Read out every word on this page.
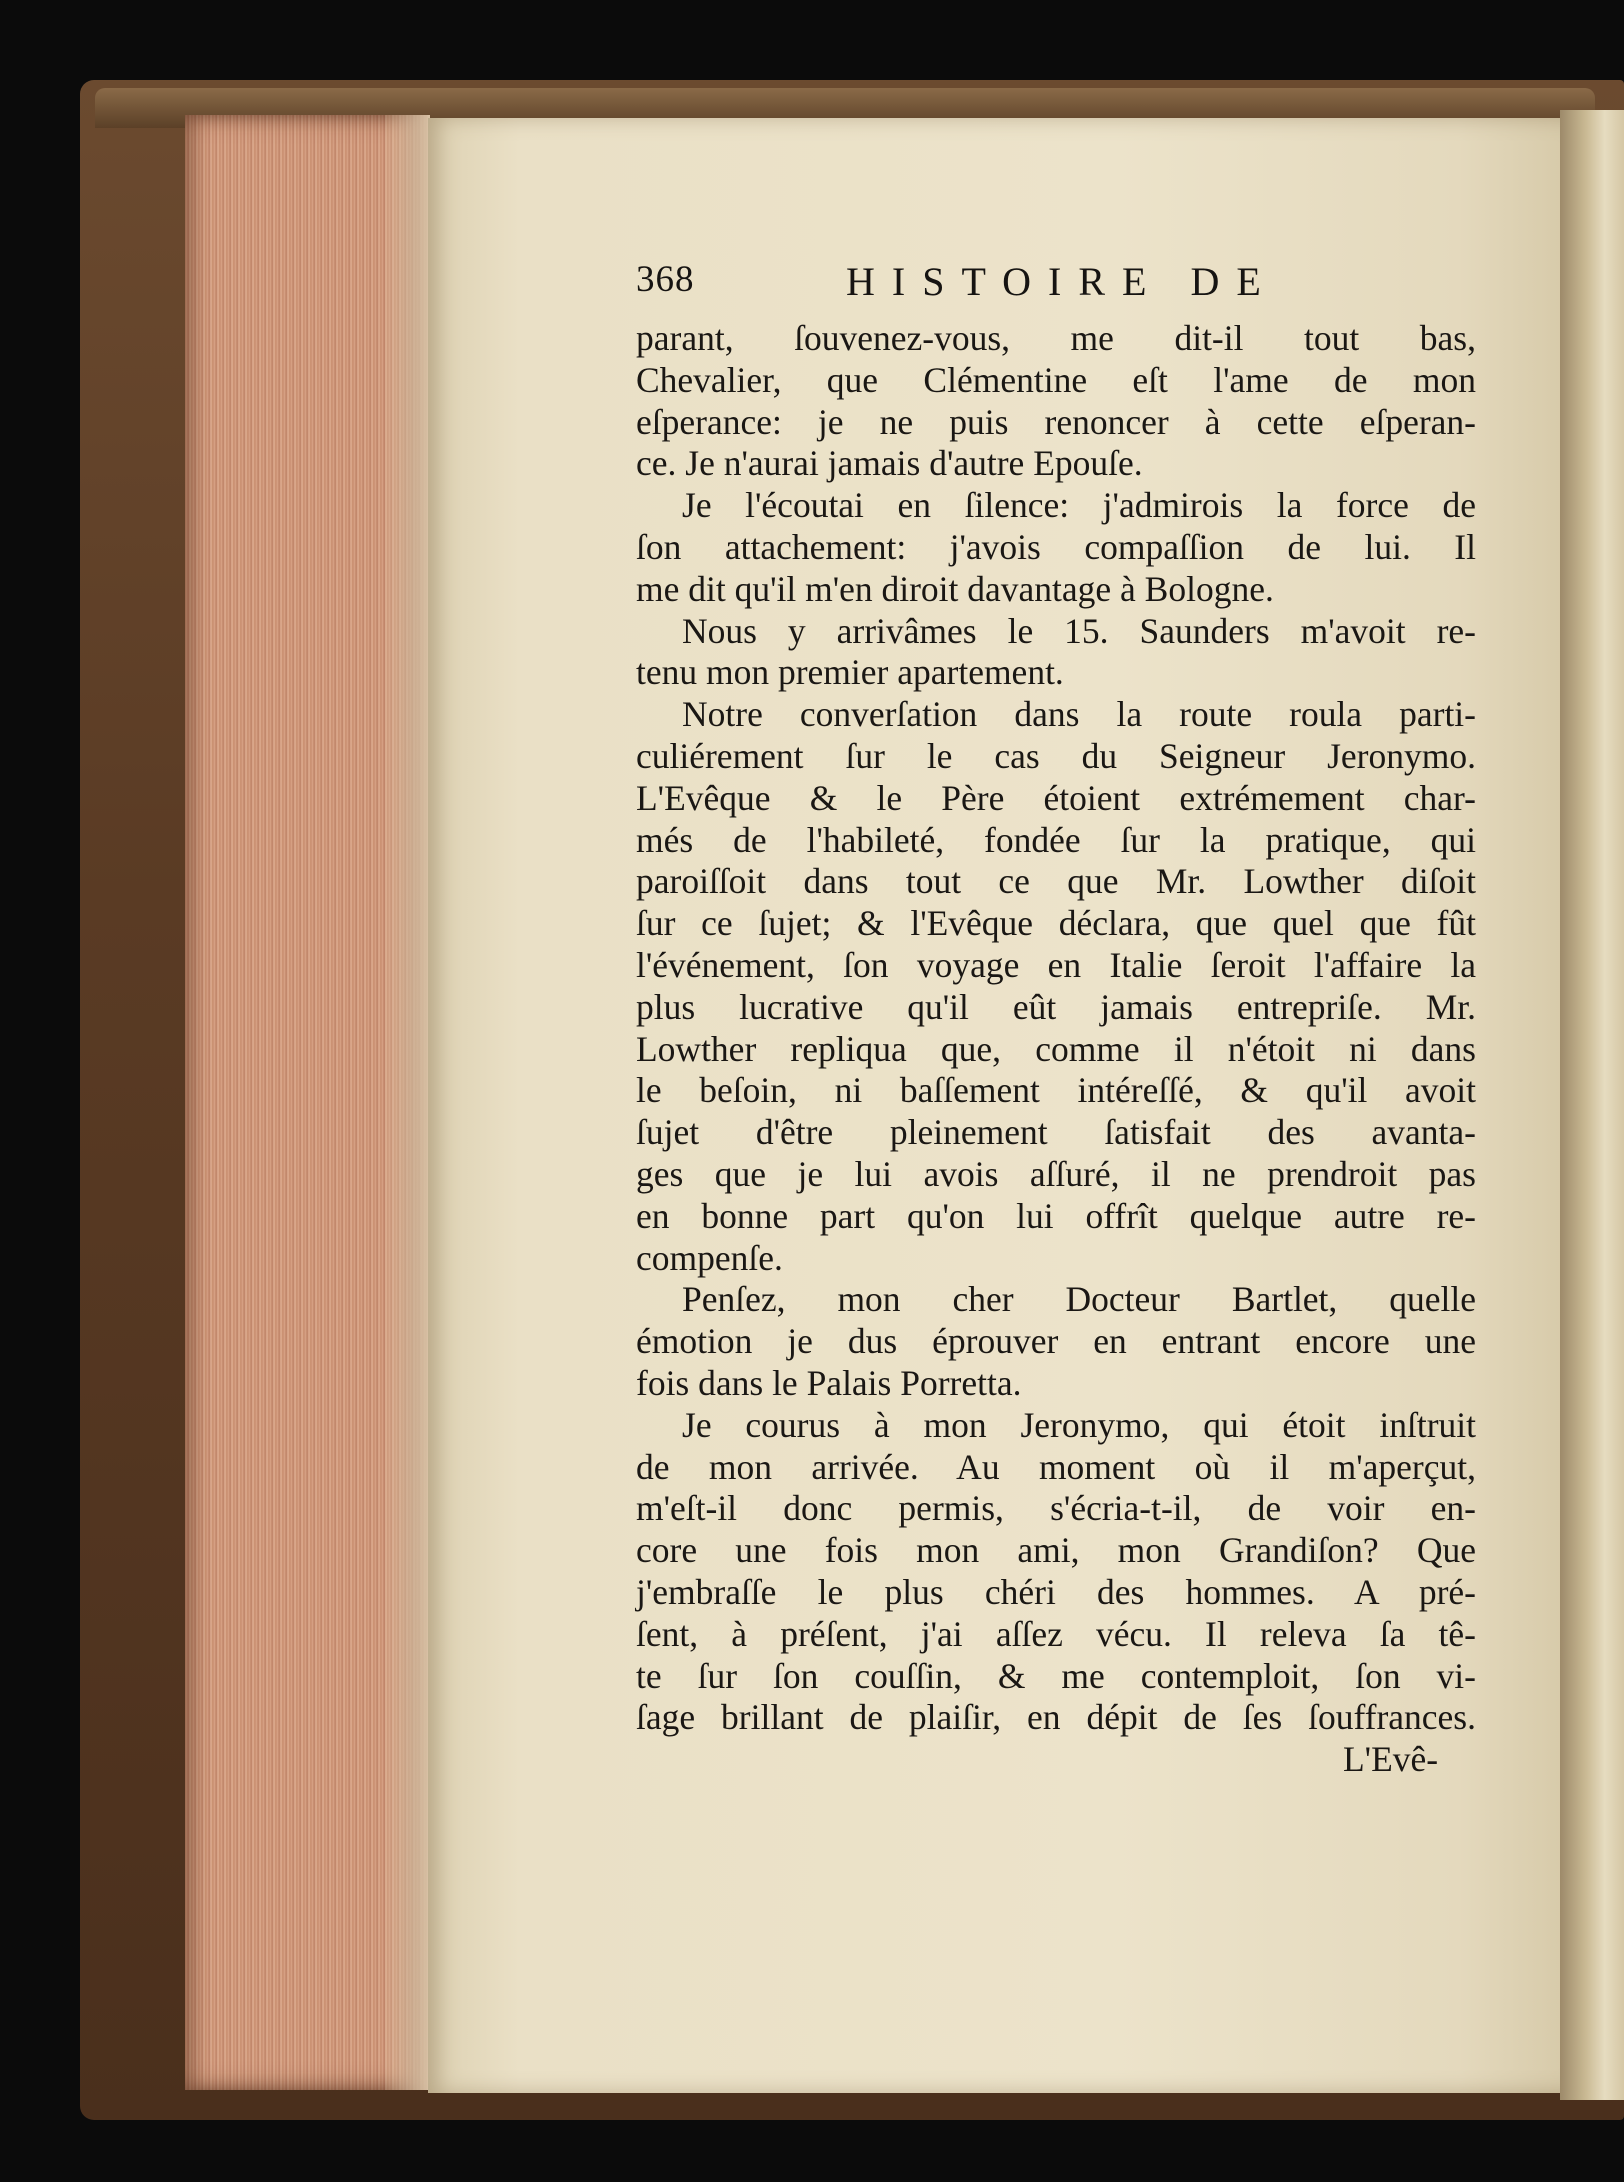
368	HISTOIRE DE
parant, ſouvenez-vous, me dit-il tout bas,
Chevalier, que Clémentine eſt l'ame de mon
eſperance: je ne puis renoncer à cette eſperan-
ce. Je n'aurai jamais d'autre Epouſe.
Je l'écoutai en ſilence: j'admirois la force de
ſon attachement: j'avois compaſſion de lui. Il
me dit qu'il m'en diroit davantage à Bologne.
Nous y arrivâmes le 15. Saunders m'avoit re-
tenu mon premier apartement.
Notre converſation dans la route roula parti-
culiérement ſur le cas du Seigneur Jeronymo.
L'Evêque & le Père étoient extrémement char-
més de l'habileté, fondée ſur la pratique, qui
paroiſſoit dans tout ce que Mr. Lowther diſoit
ſur ce ſujet; & l'Evêque déclara, que quel que fût
l'événement, ſon voyage en Italie ſeroit l'affaire la
plus lucrative qu'il eût jamais entrepriſe. Mr.
Lowther repliqua que, comme il n'étoit ni dans
le beſoin, ni baſſement intéreſſé, & qu'il avoit
ſujet d'être pleinement ſatisfait des avanta-
ges que je lui avois aſſuré, il ne prendroit pas
en bonne part qu'on lui offrît quelque autre re-
compenſe.
Penſez, mon cher Docteur Bartlet, quelle
émotion je dus éprouver en entrant encore une
fois dans le Palais Porretta.
Je courus à mon Jeronymo, qui étoit inſtruit
de mon arrivée. Au moment où il m'aperçut,
m'eſt-il donc permis, s'écria-t-il, de voir en-
core une fois mon ami, mon Grandiſon? Que
j'embraſſe le plus chéri des hommes. A pré-
ſent, à préſent, j'ai aſſez vécu. Il releva ſa tê-
te ſur ſon couſſin, & me contemploit, ſon vi-
ſage brillant de plaiſir, en dépit de ſes ſouffrances.
L'Evê-
